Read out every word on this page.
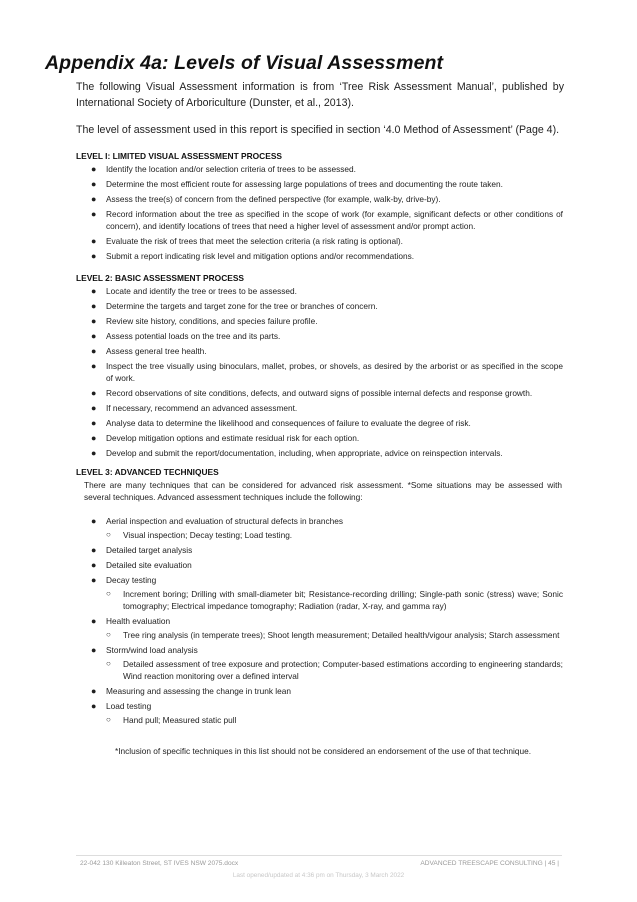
Appendix 4a: Levels of Visual Assessment
The following Visual Assessment information is from ‘Tree Risk Assessment Manual’, published by International Society of Arboriculture (Dunster, et al., 2013).
The level of assessment used in this report is specified in section ‘4.0 Method of Assessment’ (Page 4).
LEVEL I: LIMITED VISUAL ASSESSMENT PROCESS
● Identify the location and/or selection criteria of trees to be assessed.
● Determine the most efficient route for assessing large populations of trees and documenting the route taken.
● Assess the tree(s) of concern from the defined perspective (for example, walk-by, drive-by).
● Record information about the tree as specified in the scope of work (for example, significant defects or other conditions of concern), and identify locations of trees that need a higher level of assessment and/or prompt action.
● Evaluate the risk of trees that meet the selection criteria (a risk rating is optional).
● Submit a report indicating risk level and mitigation options and/or recommendations.
LEVEL 2: BASIC ASSESSMENT PROCESS
● Locate and identify the tree or trees to be assessed.
● Determine the targets and target zone for the tree or branches of concern.
● Review site history, conditions, and species failure profile.
● Assess potential loads on the tree and its parts.
● Assess general tree health.
● Inspect the tree visually using binoculars, mallet, probes, or shovels, as desired by the arborist or as specified in the scope of work.
● Record observations of site conditions, defects, and outward signs of possible internal defects and response growth.
● If necessary, recommend an advanced assessment.
● Analyse data to determine the likelihood and consequences of failure to evaluate the degree of risk.
● Develop mitigation options and estimate residual risk for each option.
● Develop and submit the report/documentation, including, when appropriate, advice on reinspection intervals.
LEVEL 3: ADVANCED TECHNIQUES
There are many techniques that can be considered for advanced risk assessment. *Some situations may be assessed with several techniques. Advanced assessment techniques include the following:
● Aerial inspection and evaluation of structural defects in branches
○ Visual inspection; Decay testing; Load testing.
● Detailed target analysis
● Detailed site evaluation
● Decay testing
○ Increment boring; Drilling with small-diameter bit; Resistance-recording drilling; Single-path sonic (stress) wave; Sonic tomography; Electrical impedance tomography; Radiation (radar, X-ray, and gamma ray)
● Health evaluation
○ Tree ring analysis (in temperate trees); Shoot length measurement; Detailed health/vigour analysis; Starch assessment
● Storm/wind load analysis
○ Detailed assessment of tree exposure and protection; Computer-based estimations according to engineering standards; Wind reaction monitoring over a defined interval
● Measuring and assessing the change in trunk lean
● Load testing
○ Hand pull; Measured static pull
*Inclusion of specific techniques in this list should not be considered an endorsement of the use of that technique.
22-042 130 Killeaton Street, ST IVES NSW 2075.docx	ADVANCED TREESCAPE CONSULTING | 45 |
Last opened/updated at 4:36 pm on Thursday, 3 March 2022
